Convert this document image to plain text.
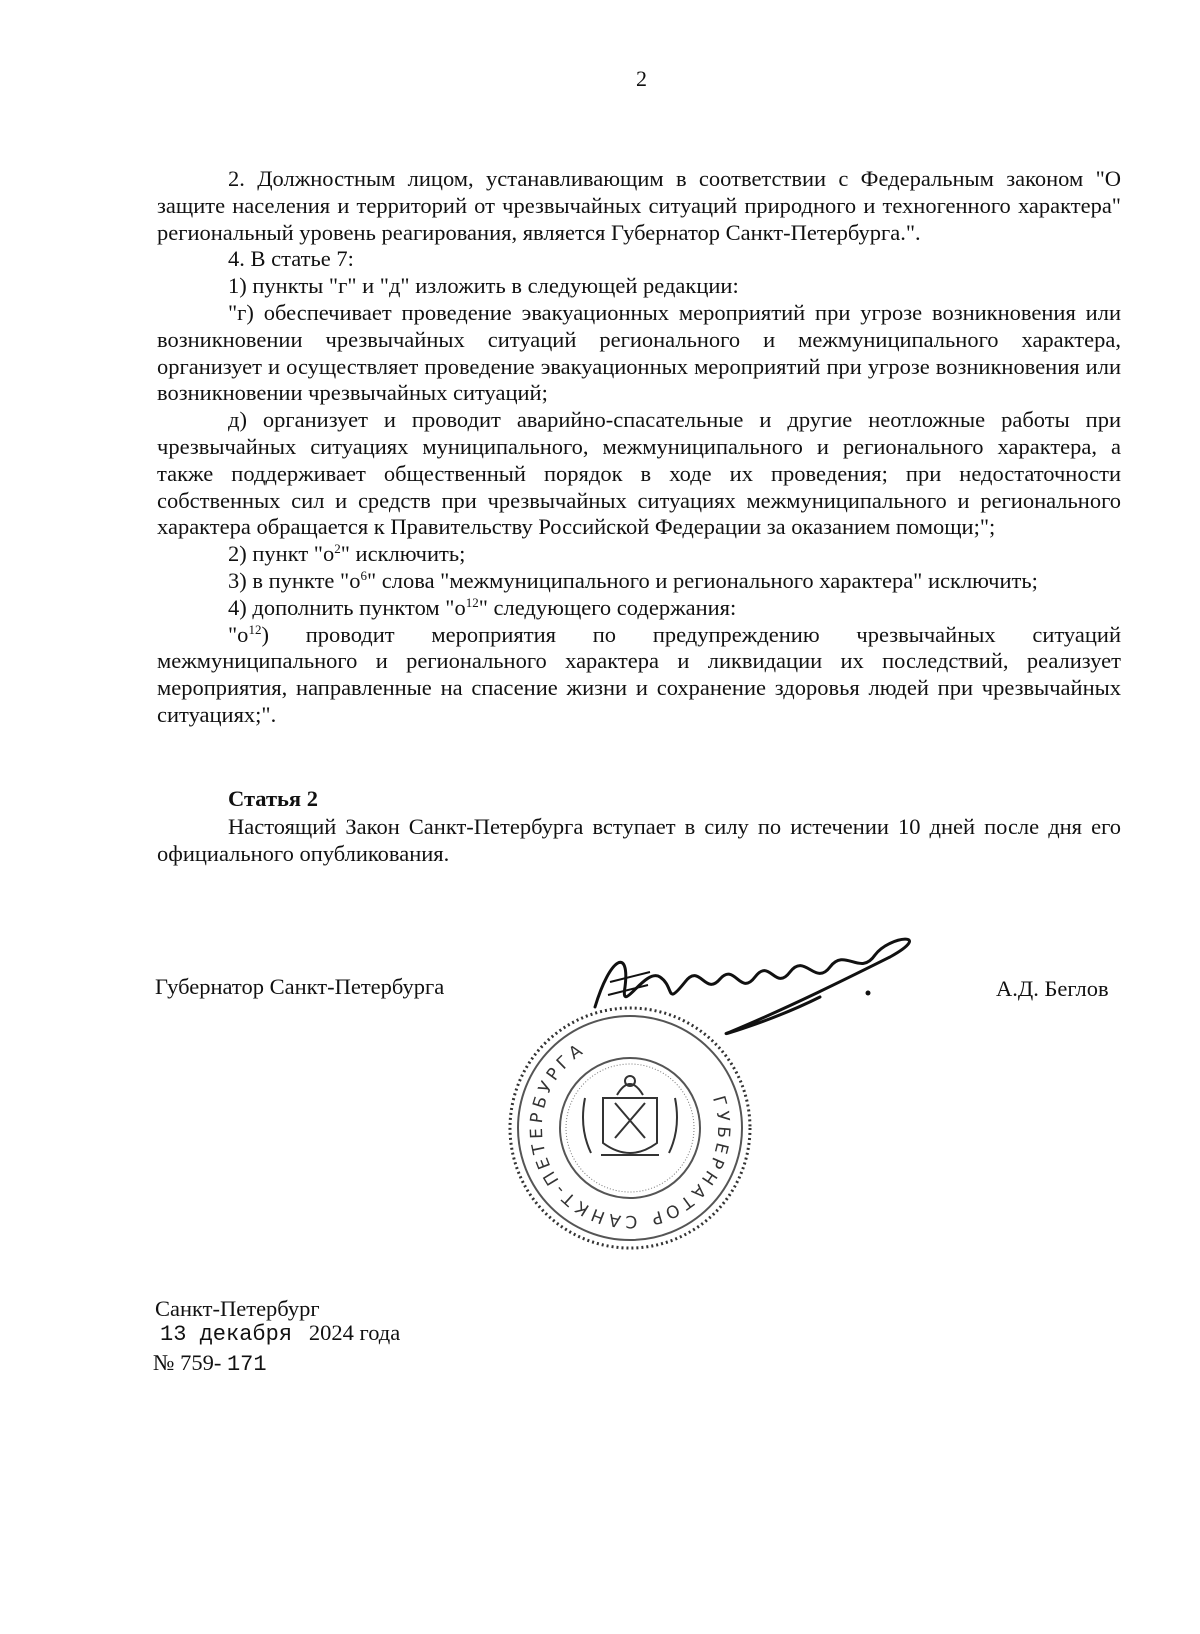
2

2. Должностным лицом, устанавливающим в соответствии с Федеральным законом "О защите населения и территорий от чрезвычайных ситуаций природного и техногенного характера" региональный уровень реагирования, является Губернатор Санкт-Петербурга.".

4. В статье 7:

1) пункты "г" и "д" изложить в следующей редакции:

"г) обеспечивает проведение эвакуационных мероприятий при угрозе возникновения или возникновении чрезвычайных ситуаций регионального и межмуниципального характера, организует и осуществляет проведение эвакуационных мероприятий при угрозе возникновения или возникновении чрезвычайных ситуаций;

д) организует и проводит аварийно-спасательные и другие неотложные работы при чрезвычайных ситуациях муниципального, межмуниципального и регионального характера, а также поддерживает общественный порядок в ходе их проведения; при недостаточности собственных сил и средств при чрезвычайных ситуациях межмуниципального и регионального характера обращается к Правительству Российской Федерации за оказанием помощи;";

2) пункт "$о^2$" исключить;

3) в пункте "$о^6$" слова "межмуниципального и регионального характера" исключить;

4) дополнить пунктом "$о^{12}$" следующего содержания:

"$о^{12}$) проводит мероприятия по предупреждению чрезвычайных ситуаций межмуниципального и регионального характера и ликвидации их последствий, реализует мероприятия, направленные на спасение жизни и сохранение здоровья людей при чрезвычайных ситуациях;".

Статья 2

Настоящий Закон Санкт-Петербурга вступает в силу по истечении 10 дней после дня его официального опубликования.

Губернатор Санкт-Петербурга	А.Д. Беглов
ГУБЕРНАТОР САНКТ-ПЕТЕРБУРГА
Санкт-Петербург
13 декабря 2024 года
№ 759- 171
